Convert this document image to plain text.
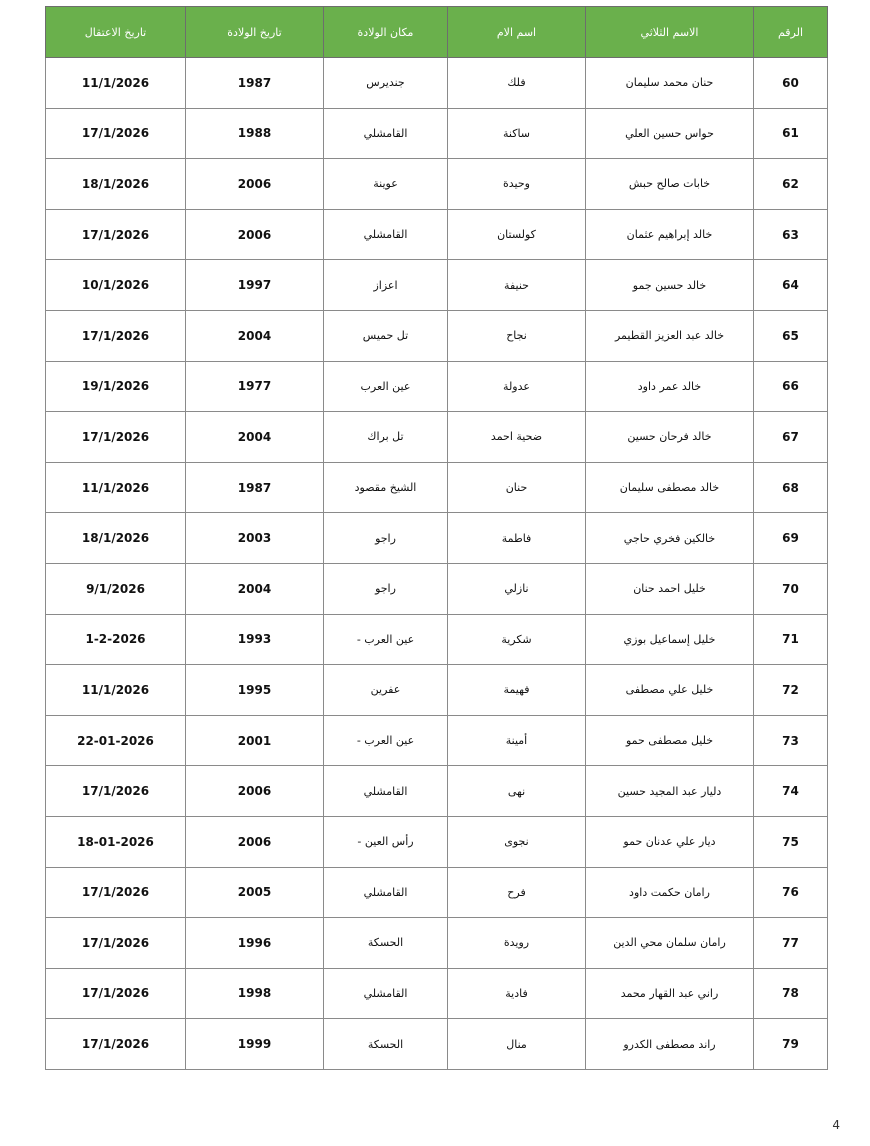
الرقم	الاسم الثلاثي	اسم الام	مكان الولادة	تاريخ الولادة	تاريخ الاعتقال
60	حنان محمد سليمان	فلك	جنديرس	1987	11/1/2026
61	حواس حسين العلي	ساكنة	القامشلي	1988	17/1/2026
62	خابات صالح حبش	وحيدة	عوينة	2006	18/1/2026
63	خالد إبراهيم عثمان	كولستان	القامشلي	2006	17/1/2026
64	خالد حسين جمو	حنيفة	اعزاز	1997	10/1/2026
65	خالد عبد العزيز القطيمر	نجاح	تل حميس	2004	17/1/2026
66	خالد عمر داود	عدولة	عين العرب	1977	19/1/2026
67	خالد فرحان حسين	ضحية احمد	تل براك	2004	17/1/2026
68	خالد مصطفى سليمان	حنان	الشيخ مقصود	1987	11/1/2026
69	خالكين فخري حاجي	فاطمة	راجو	2003	18/1/2026
70	خليل احمد حنان	نازلي	راجو	2004	9/1/2026
71	خليل إسماعيل بوزي	شكرية	عين العرب -	1993	1-2-2026
72	خليل علي مصطفى	فهيمة	عفرين	1995	11/1/2026
73	خليل مصطفى حمو	أمينة	عين العرب -	2001	22-01-2026
74	دليار عبد المجيد حسين	نهى	القامشلي	2006	17/1/2026
75	ديار علي عدنان حمو	نجوى	رأس العين -	2006	18-01-2026
76	رامان حكمت داود	فرح	القامشلي	2005	17/1/2026
77	رامان سلمان محي الدين	رويدة	الحسكة	1996	17/1/2026
78	راني عبد القهار محمد	فادية	القامشلي	1998	17/1/2026
79	راند مصطفى الكدرو	منال	الحسكة	1999	17/1/2026
4
